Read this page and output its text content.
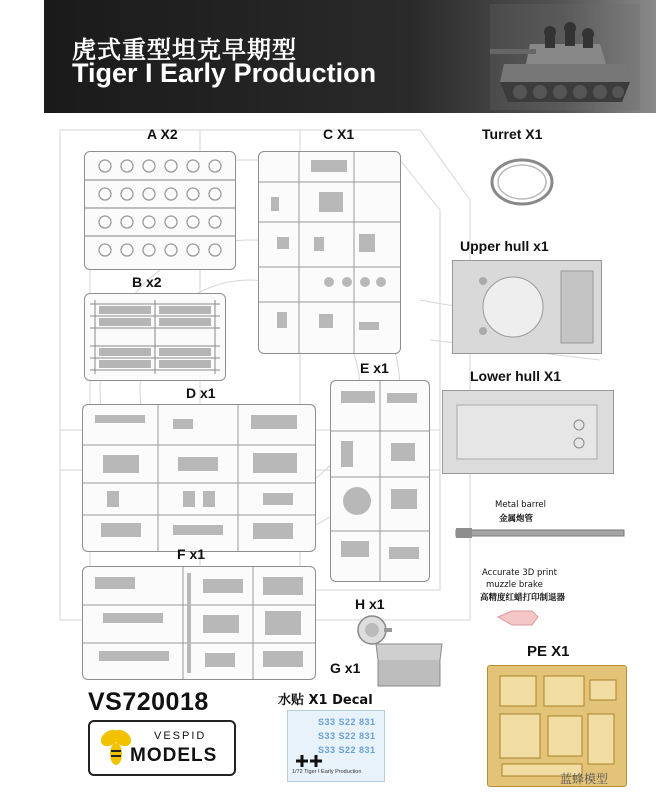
虎式重型坦克早期型
Tiger I Early Production
A X2
B x2
C X1	Turret X1
Upper hull x1
D x1
E x1	Lower hull X1
Metal barrel
金属炮管
Accurate 3D print
muzzle brake
高精度红蜡打印制退器
F x1
H x1
G x1
PE X1
VS720018
VESPID
MODELS
水贴 X1 Decal
S33 S22 831
S33 S22 831
S33 S22 831
1/72 Tiger I Early Production	蓝蜂模型
